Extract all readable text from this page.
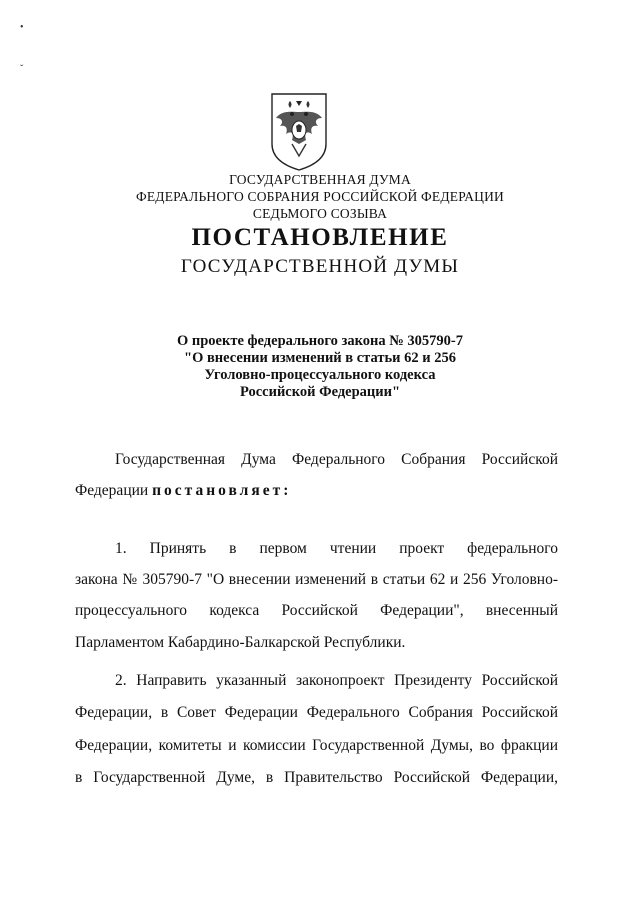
•
ˇ
ГОСУДАРСТВЕННАЯ ДУМА
ФЕДЕРАЛЬНОГО СОБРАНИЯ РОССИЙСКОЙ ФЕДЕРАЦИИ
СЕДЬМОГО СОЗЫВА
ПОСТАНОВЛЕНИЕ
ГОСУДАРСТВЕННОЙ ДУМЫ
О проекте федерального закона № 305790-7
"О внесении изменений в статьи 62 и 256
Уголовно-процессуального кодекса
Российской Федерации"
Государственная Дума Федерального Собрания Российской
Федерации постановляет:
1. Принять в первом чтении проект федерального
закона № 305790-7 "О внесении изменений в статьи 62 и 256 Уголовно-
процессуального кодекса Российской Федерации", внесенный
Парламентом Кабардино-Балкарской Республики.
2. Направить указанный законопроект Президенту Российской
Федерации, в Совет Федерации Федерального Собрания Российской
Федерации, комитеты и комиссии Государственной Думы, во фракции
в Государственной Думе, в Правительство Российской Федерации,
